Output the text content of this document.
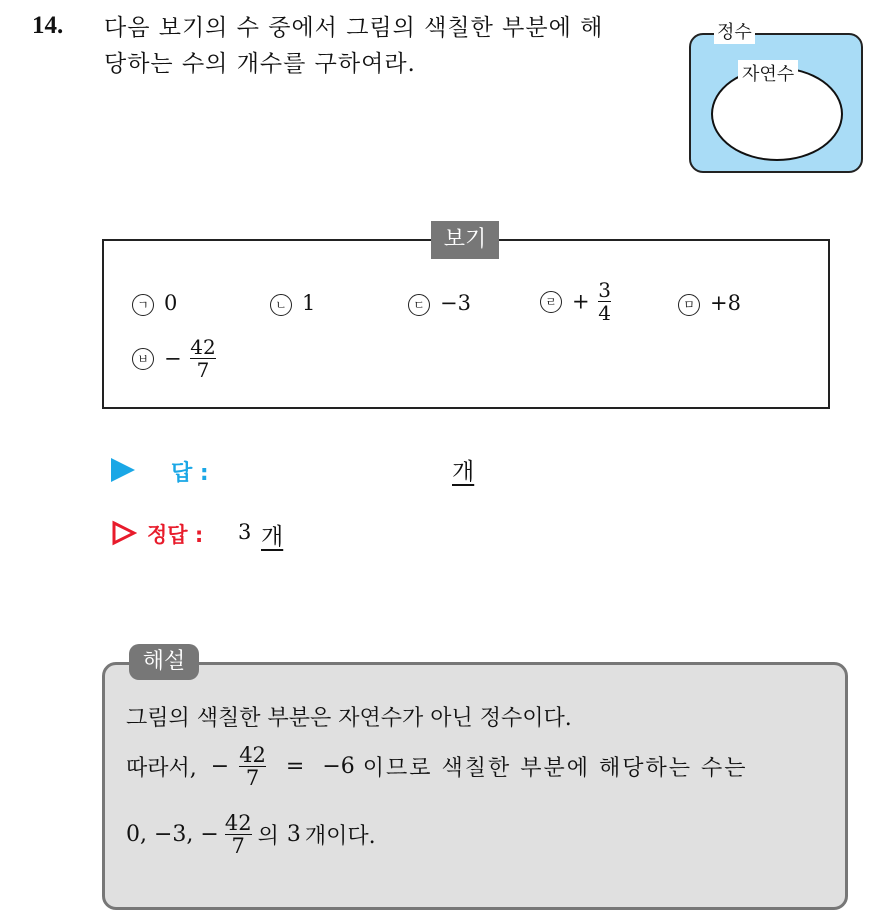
14. 다음 보기의 수 중에서 그림의 색칠한 부분에 해
당하는 수의 개수를 구하여라.
정수
자연수
보기
ㄱ 0	ㄴ 1	ㄷ −3	ㄹ + $\frac{3}{4}$	ㅁ +8
ㅂ − $\frac{42}{7}$
답 :	개
정답 : 3 개
해설
그림의 색칠한 부분은 자연수가 아닌 정수이다.
따라서, − $\frac{42}{7} = -6$ 이므로 색칠한 부분에 해당하는 수는
0, −3, − $\frac{42}{7}$ 의 3 개이다.
